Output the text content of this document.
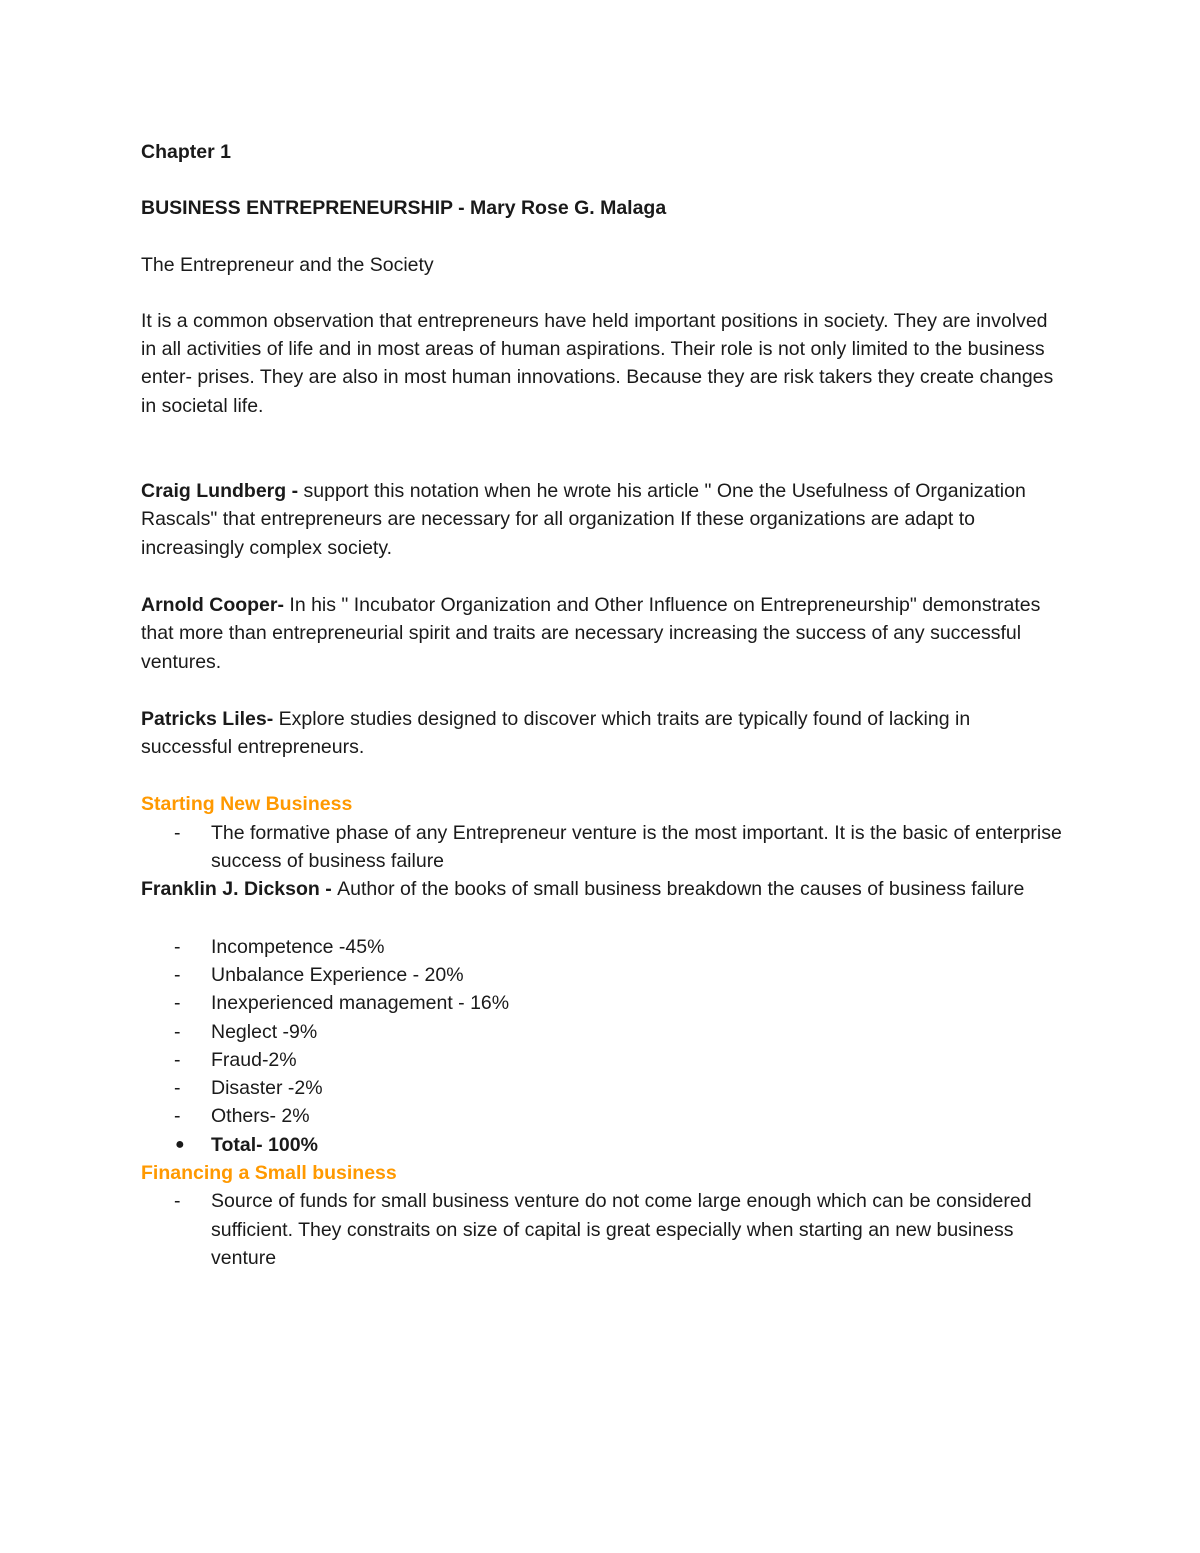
Chapter 1

BUSINESS ENTREPRENEURSHIP - Mary Rose G. Malaga

The Entrepreneur and the Society

It is a common observation that entrepreneurs have held important positions in society. They are involved in all activities of life and in most areas of human aspirations. Their role is not only limited to the business enter- prises. They are also in most human innovations. Because they are risk takers they create changes in societal life.

Craig Lundberg - support this notation when he wrote his article " One the Usefulness of Organization Rascals" that entrepreneurs are necessary for all organization If these organizations are adapt to increasingly complex society.

Arnold Cooper- In his " Incubator Organization and Other Influence on Entrepreneurship" demonstrates that more than entrepreneurial spirit and traits are necessary increasing the success of any successful ventures.

Patricks Liles- Explore studies designed to discover which traits are typically found of lacking in successful entrepreneurs.

Starting New Business

- The formative phase of any Entrepreneur venture is the most important. It is the basic of enterprise success of business failure

Franklin J. Dickson - Author of the books of small business breakdown the causes of business failure

- Incompetence -45%
- Unbalance Experience - 20%
- Inexperienced management - 16%
- Neglect -9%
- Fraud-2%
- Disaster -2%
- Others- 2%
● Total- 100%

Financing a Small business

- Source of funds for small business venture do not come large enough which can be considered sufficient. They constraits on size of capital is great especially when starting an new business venture
